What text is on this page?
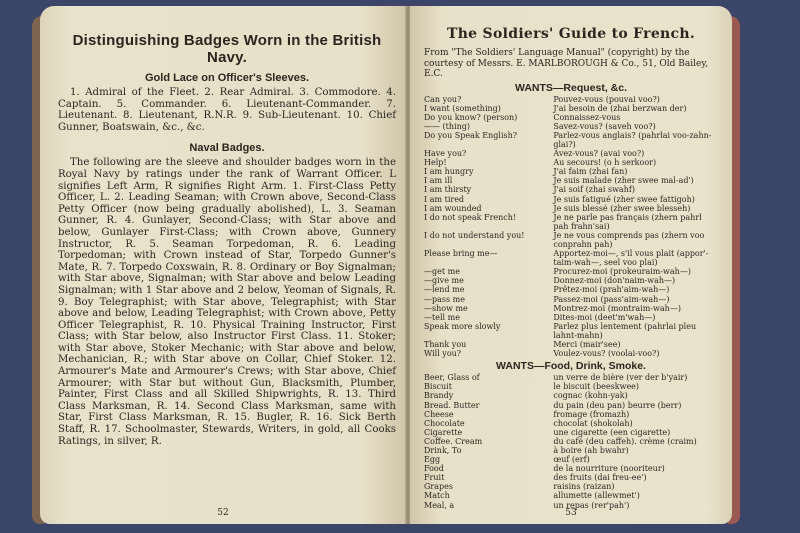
Distinguishing Badges Worn in the British Navy.
Gold Lace on Officer's Sleeves.

1. Admiral of the Fleet. 2. Rear Admiral. 3. Commodore. 4. Captain. 5. Commander. 6. Lieutenant-Commander. 7. Lieutenant. 8. Lieutenant, R.N.R. 9. Sub-Lieutenant. 10. Chief Gunner, Boatswain, &c., &c.

Naval Badges.

The following are the sleeve and shoulder badges worn in the Royal Navy by ratings under the rank of Warrant Officer. L signifies Left Arm, R signifies Right Arm. 1. First-Class Petty Officer, L. 2. Leading Seaman; with Crown above, Second-Class Petty Officer (now being gradually abolished), L. 3. Seaman Gunner, R. 4. Gunlayer, Second-Class; with Star above and below, Gunlayer First-Class; with Crown above, Gunnery Instructor, R. 5. Seaman Torpedoman, R. 6. Leading Torpedoman; with Crown instead of Star, Torpedo Gunner's Mate, R. 7. Torpedo Coxswain, R. 8. Ordinary or Boy Signalman; with Star above, Signalman; with Star above and below Leading Signalman; with 1 Star above and 2 below, Yeoman of Signals, R. 9. Boy Telegraphist; with Star above, Telegraphist; with Star above and below, Leading Telegraphist; with Crown above, Petty Officer Telegraphist, R. 10. Physical Training Instructor, First Class; with Star below, also Instructor First Class. 11. Stoker; with Star above, Stoker Mechanic; with Star above and below, Mechanician, R.; with Star above on Collar, Chief Stoker. 12. Armourer's Mate and Armourer's Crews; with Star above, Chief Armourer; with Star but without Gun, Blacksmith, Plumber, Painter, First Class and all Skilled Shipwrights, R. 13. Third Class Marksman, R. 14. Second Class Marksman, same with Star, First Class Marksman, R. 15. Bugler, R. 16. Sick Berth Staff, R. 17. Schoolmaster, Stewards, Writers, in gold, all Cooks Ratings, in silver, R.

52
The Soldiers' Guide to French.
From "The Soldiers' Language Manual" (copyright) by the courtesy of Messrs. E. MARLBOROUGH & Co., 51, Old Bailey, E.C.
WANTS—Request, &c.
Can you?	Pouvez-vous (pouvai voo?)
I want (something)	J'ai besoin de (zhai berzwan der)
Do you know? (person)	Connaissez-vous
—— (thing)	Savez-vous? (saveh voo?)
Do you Speak English?	Parlez-vous anglais? (pahrlai voo-zahn-glai?)
Have you?	Avez-vous? (avai voo?)
Help!	Au secours! (o h serkoor)
I am hungry	J'ai faim (zhai fan)
I am ill	Je suis malade (zher swee mal-ad')
I am thirsty	J'ai soif (zhai swahf)
I am tired	Je suis fatigué (zher swee fattigoh)
I am wounded	Je suis blessé (zher swee blesseh)
I do not speak French!	Je ne parle pas français (zhern pahrl pah frahn'sai)
I do not understand you!	Je ne vous comprends pas (zhern voo conprahn pah)
Please bring me—	Apportez-moi—, s'il vous plait (appor'-taim-wah—, seel voo plai)
—get me	Procurez-moi (prokeuraim-wah—)
—give me	Donnez-moi (don'naim-wah—)
—lend me	Prêtez-moi (prah'aim-wah—)
—pass me	Passez-moi (pass'aim-wah—)
—show me	Montrez-moi (montraim-wah—)
—tell me	Dites-moi (deet'm'wah—)
Speak more slowly	Parlez plus lentement (pahrlai pleu lahnt-mahn)
Thank you	Merci (mair'see)
Will you?	Voulez-vous? (voolai-voo?)
WANTS—Food, Drink, Smoke.
Beer, Glass of	un verre de bière (ver der b'yair)
Biscuit	le biscuit (beeskwee)
Brandy	cognac (kohn-yak)
Bread. Butter	du pain (deu pan) beurre (berr)
Cheese	fromage (fromazh)
Chocolate	chocolat (shokolah)
Cigarette	une cigarette (een cigarette)
Coffee. Cream	du café (deu caffeh). crème (craim)
Drink, To	à boire (ah bwahr)
Egg	œuf (erf)
Food	de la nourriture (nooriteur)
Fruit	des fruits (dai freu-ee')
Grapes	raisins (raizan)
Match	allumette (allewmet')
Meal, a	un repas (rer'pah')
53
